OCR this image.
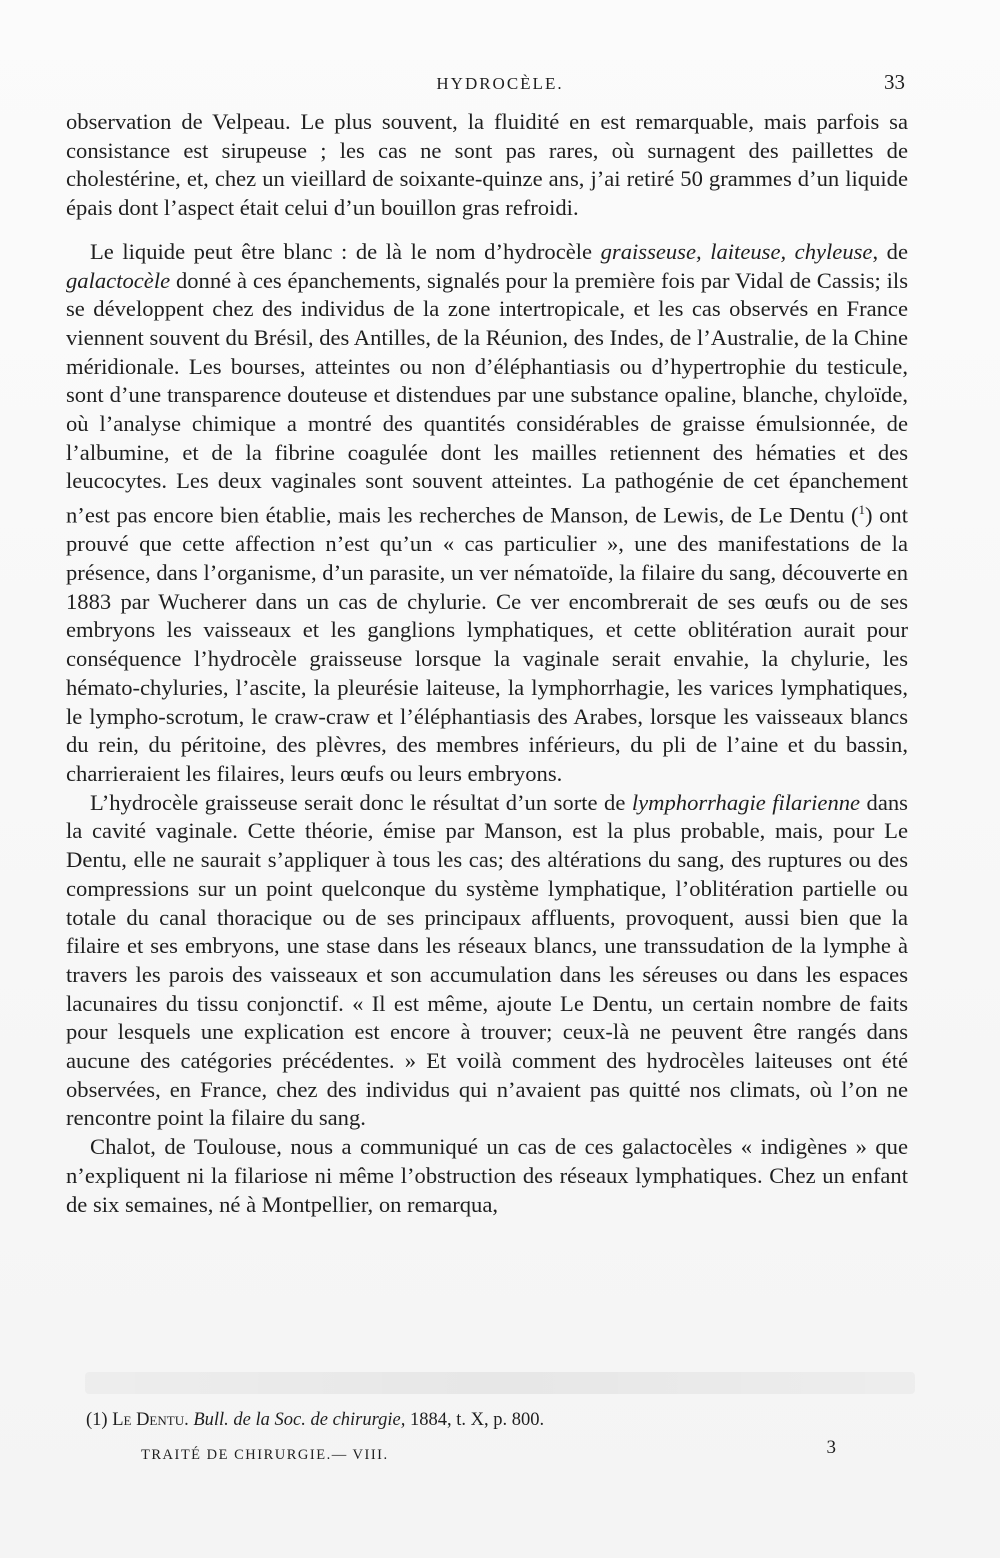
HYDROCÈLE.	33

observation de Velpeau. Le plus souvent, la fluidité en est remarquable, mais parfois sa consistance est sirupeuse ; les cas ne sont pas rares, où surnagent des paillettes de cholestérine, et, chez un vieillard de soixante-quinze ans, j’ai retiré 50 grammes d’un liquide épais dont l’aspect était celui d’un bouillon gras refroidi.

Le liquide peut être blanc : de là le nom d’hydrocèle graisseuse, laiteuse, chyleuse, de galactocèle donné à ces épanchements, signalés pour la première fois par Vidal de Cassis; ils se développent chez des individus de la zone intertropicale, et les cas observés en France viennent souvent du Brésil, des Antilles, de la Réunion, des Indes, de l’Australie, de la Chine méridionale. Les bourses, atteintes ou non d’éléphantiasis ou d’hypertrophie du testicule, sont d’une transparence douteuse et distendues par une substance opaline, blanche, chyloïde, où l’analyse chimique a montré des quantités considérables de graisse émulsionnée, de l’albumine, et de la fibrine coagulée dont les mailles retiennent des hématies et des leucocytes. Les deux vaginales sont souvent atteintes. La pathogénie de cet épanchement n’est pas encore bien établie, mais les recherches de Manson, de Lewis, de Le Dentu ($^1$) ont prouvé que cette affection n’est qu’un « cas particulier », une des manifestations de la présence, dans l’organisme, d’un parasite, un ver nématoïde, la filaire du sang, découverte en 1883 par Wucherer dans un cas de chylurie. Ce ver encombrerait de ses œufs ou de ses embryons les vaisseaux et les ganglions lymphatiques, et cette oblitération aurait pour conséquence l’hydrocèle graisseuse lorsque la vaginale serait envahie, la chylurie, les hémato-chyluries, l’ascite, la pleurésie laiteuse, la lymphorrhagie, les varices lymphatiques, le lympho-scrotum, le craw-craw et l’éléphantiasis des Arabes, lorsque les vaisseaux blancs du rein, du péritoine, des plèvres, des membres inférieurs, du pli de l’aine et du bassin, charrieraient les filaires, leurs œufs ou leurs embryons.

L’hydrocèle graisseuse serait donc le résultat d’un sorte de lymphorrhagie filarienne dans la cavité vaginale. Cette théorie, émise par Manson, est la plus probable, mais, pour Le Dentu, elle ne saurait s’appliquer à tous les cas; des altérations du sang, des ruptures ou des compressions sur un point quelconque du système lymphatique, l’oblitération partielle ou totale du canal thoracique ou de ses principaux affluents, provoquent, aussi bien que la filaire et ses embryons, une stase dans les réseaux blancs, une transsudation de la lymphe à travers les parois des vaisseaux et son accumulation dans les séreuses ou dans les espaces lacunaires du tissu conjonctif. « Il est même, ajoute Le Dentu, un certain nombre de faits pour lesquels une explication est encore à trouver; ceux-là ne peuvent être rangés dans aucune des catégories précédentes. » Et voilà comment des hydrocèles laiteuses ont été observées, en France, chez des individus qui n’avaient pas quitté nos climats, où l’on ne rencontre point la filaire du sang.

Chalot, de Toulouse, nous a communiqué un cas de ces galactocèles « indigènes » que n’expliquent ni la filariose ni même l’obstruction des réseaux lymphatiques. Chez un enfant de six semaines, né à Montpellier, on remarqua,

(1) Le Dentu. Bull. de la Soc. de chirurgie, 1884, t. X, p. 800.
TRAITÉ DE CHIRURGIE.— VIII.	3
